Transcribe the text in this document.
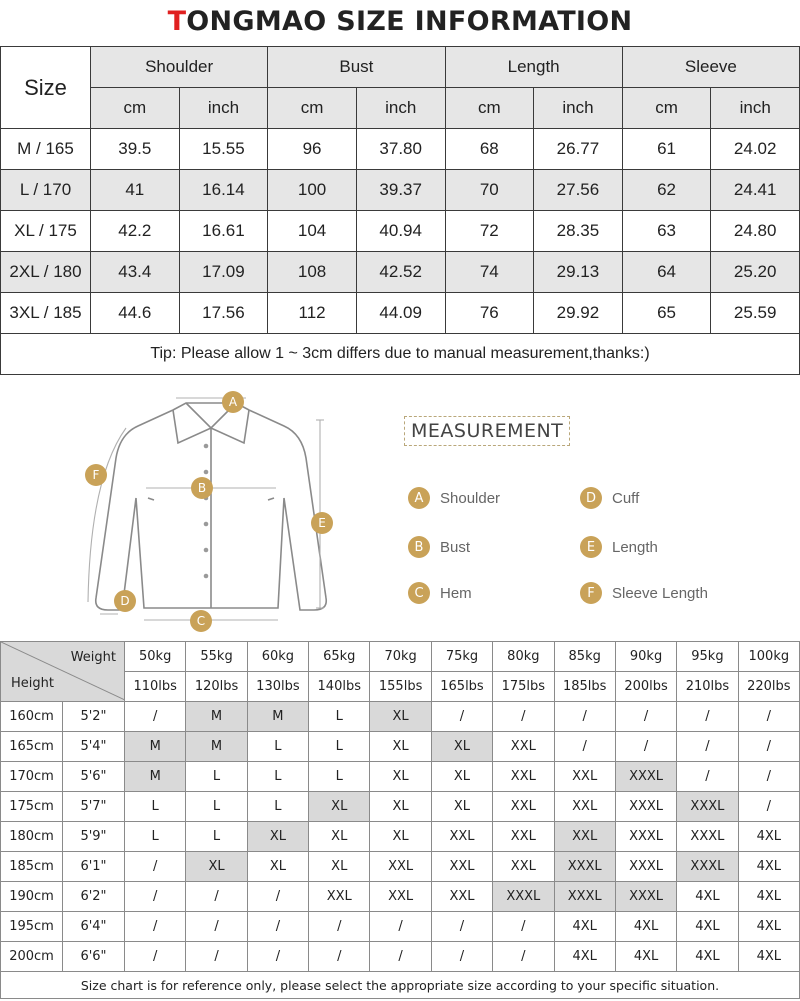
TONGMAO SIZE INFORMATION
Size	Shoulder		Bust		Length		Sleeve	
	cm	inch	cm	inch	cm	inch	cm	inch
M / 165	39.5	15.55	96	37.80	68	26.77	61	24.02
L / 170	41	16.14	100	39.37	70	27.56	62	24.41
XL / 175	42.2	16.61	104	40.94	72	28.35	63	24.80
2XL / 180	43.4	17.09	108	42.52	74	29.13	64	25.20
3XL / 185	44.6	17.56	112	44.09	76	29.92	65	25.59
Tip: Please allow 1 ~ 3cm differs due to manual measurement,thanks:)								
A
B
C
D
E
F
MEASUREMENT
A	Shoulder
B	Bust
C	Hem
D	Cuff
E	Length
F	Sleeve Length
Weight
Height		50kg	55kg	60kg	65kg	70kg	75kg	80kg	85kg	90kg	95kg	100kg
		110lbs	120lbs	130lbs	140lbs	155lbs	165lbs	175lbs	185lbs	200lbs	210lbs	220lbs
160cm	5'2"	/	M	M	L	XL	/	/	/	/	/	/
165cm	5'4"	M	M	L	L	XL	XL	XXL	/	/	/	/
170cm	5'6"	M	L	L	L	XL	XL	XXL	XXL	XXXL	/	/
175cm	5'7"	L	L	L	XL	XL	XL	XXL	XXL	XXXL	XXXL	/
180cm	5'9"	L	L	XL	XL	XL	XXL	XXL	XXL	XXXL	XXXL	4XL
185cm	6'1"	/	XL	XL	XL	XXL	XXL	XXL	XXXL	XXXL	XXXL	4XL
190cm	6'2"	/	/	/	XXL	XXL	XXL	XXXL	XXXL	XXXL	4XL	4XL
195cm	6'4"	/	/	/	/	/	/	/	4XL	4XL	4XL	4XL
200cm	6'6"	/	/	/	/	/	/	/	4XL	4XL	4XL	4XL
Size chart is for reference only, please select the appropriate size according to your specific situation.												
